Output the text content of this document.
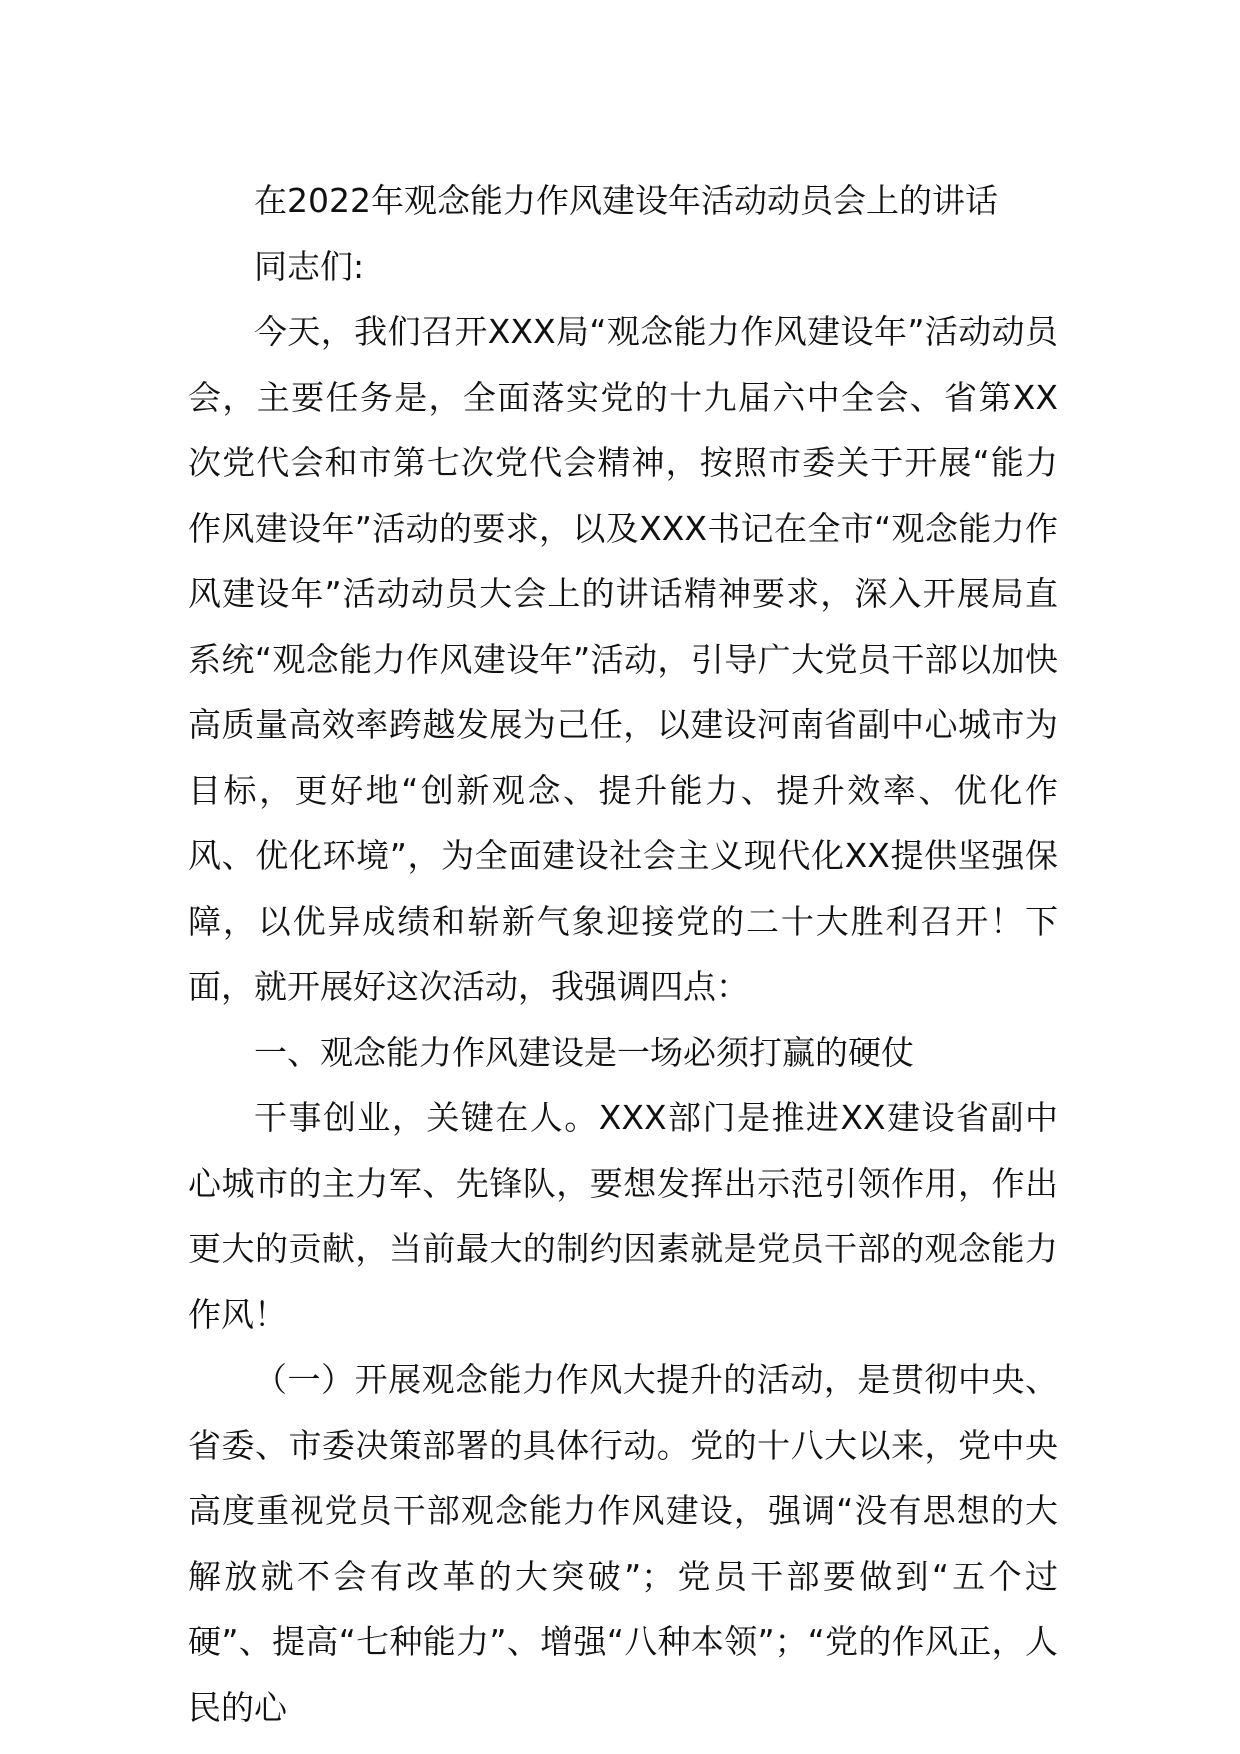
在2022年观念能力作风建设年活动动员会上的讲话

同志们:

今天，我们召开XXX局“观念能力作风建设年”活动动员会，主要任务是，全面落实党的十九届六中全会、省第XX次党代会和市第七次党代会精神，按照市委关于开展“能力作风建设年”活动的要求，以及XXX书记在全市“观念能力作风建设年”活动动员大会上的讲话精神要求，深入开展局直系统“观念能力作风建设年”活动，引导广大党员干部以加快高质量高效率跨越发展为己任，以建设河南省副中心城市为目标，更好地“创新观念、提升能力、提升效率、优化作风、优化环境”，为全面建设社会主义现代化XX提供坚强保障，以优异成绩和崭新气象迎接党的二十大胜利召开！下面，就开展好这次活动，我强调四点：

一、观念能力作风建设是一场必须打赢的硬仗

干事创业，关键在人。XXX部门是推进XX建设省副中心城市的主力军、先锋队，要想发挥出示范引领作用，作出更大的贡献，当前最大的制约因素就是党员干部的观念能力作风！

（一）开展观念能力作风大提升的活动，是贯彻中央、省委、市委决策部署的具体行动。党的十八大以来，党中央高度重视党员干部观念能力作风建设，强调“没有思想的大解放就不会有改革的大突破”；党员干部要做到“五个过硬”、提高“七种能力”、增强“八种本领”；“党的作风正，人民的心
